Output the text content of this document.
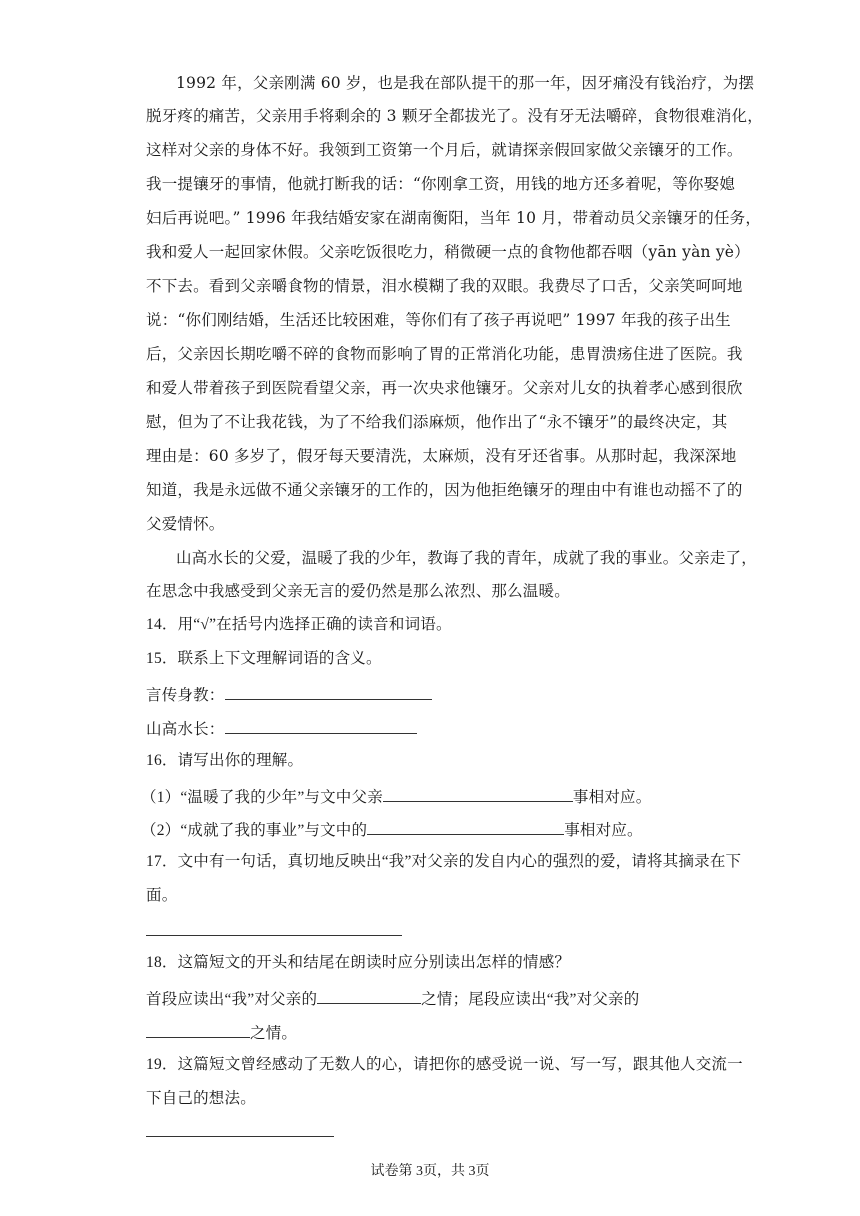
1992 年，父亲刚满 60 岁，也是我在部队提干的那一年，因牙痛没有钱治疗，为摆
脱牙疼的痛苦，父亲用手将剩余的 3 颗牙全都拔光了。没有牙无法嚼碎，食物很难消化，
这样对父亲的身体不好。我领到工资第一个月后，就请探亲假回家做父亲镶牙的工作。
我一提镶牙的事情，他就打断我的话：“你刚拿工资，用钱的地方还多着呢，等你娶媳
妇后再说吧。” 1996 年我结婚安家在湖南衡阳，当年 10 月，带着动员父亲镶牙的任务，
我和爱人一起回家休假。父亲吃饭很吃力，稍微硬一点的食物他都吞咽（yān yàn yè）
不下去。看到父亲嚼食物的情景，泪水模糊了我的双眼。我费尽了口舌，父亲笑呵呵地
说：“你们刚结婚，生活还比较困难，等你们有了孩子再说吧” 1997 年我的孩子出生
后，父亲因长期吃嚼不碎的食物而影响了胃的正常消化功能，患胃溃疡住进了医院。我
和爱人带着孩子到医院看望父亲，再一次央求他镶牙。父亲对儿女的执着孝心感到很欣
慰，但为了不让我花钱，为了不给我们添麻烦，他作出了“永不镶牙”的最终决定，其
理由是：60 多岁了，假牙每天要清洗，太麻烦，没有牙还省事。从那时起，我深深地
知道，我是永远做不通父亲镶牙的工作的，因为他拒绝镶牙的理由中有谁也动摇不了的
父爱情怀。
山高水长的父爱，温暖了我的少年，教诲了我的青年，成就了我的事业。父亲走了，
在思念中我感受到父亲无言的爱仍然是那么浓烈、那么温暖。
14．用“√”在括号内选择正确的读音和词语。
15．联系上下文理解词语的含义。
言传身教：
山高水长：
16．请写出你的理解。
（1）“温暖了我的少年”与文中父亲	事相对应。
（2）“成就了我的事业”与文中的	事相对应。
17．文中有一句话，真切地反映出“我”对父亲的发自内心的强烈的爱，请将其摘录在下
面。
18．这篇短文的开头和结尾在朗读时应分别读出怎样的情感？
首段应读出“我”对父亲的	之情；尾段应读出“我”对父亲的
之情。
19．这篇短文曾经感动了无数人的心，请把你的感受说一说、写一写，跟其他人交流一
下自己的想法。
试卷第 3页，共 3页
